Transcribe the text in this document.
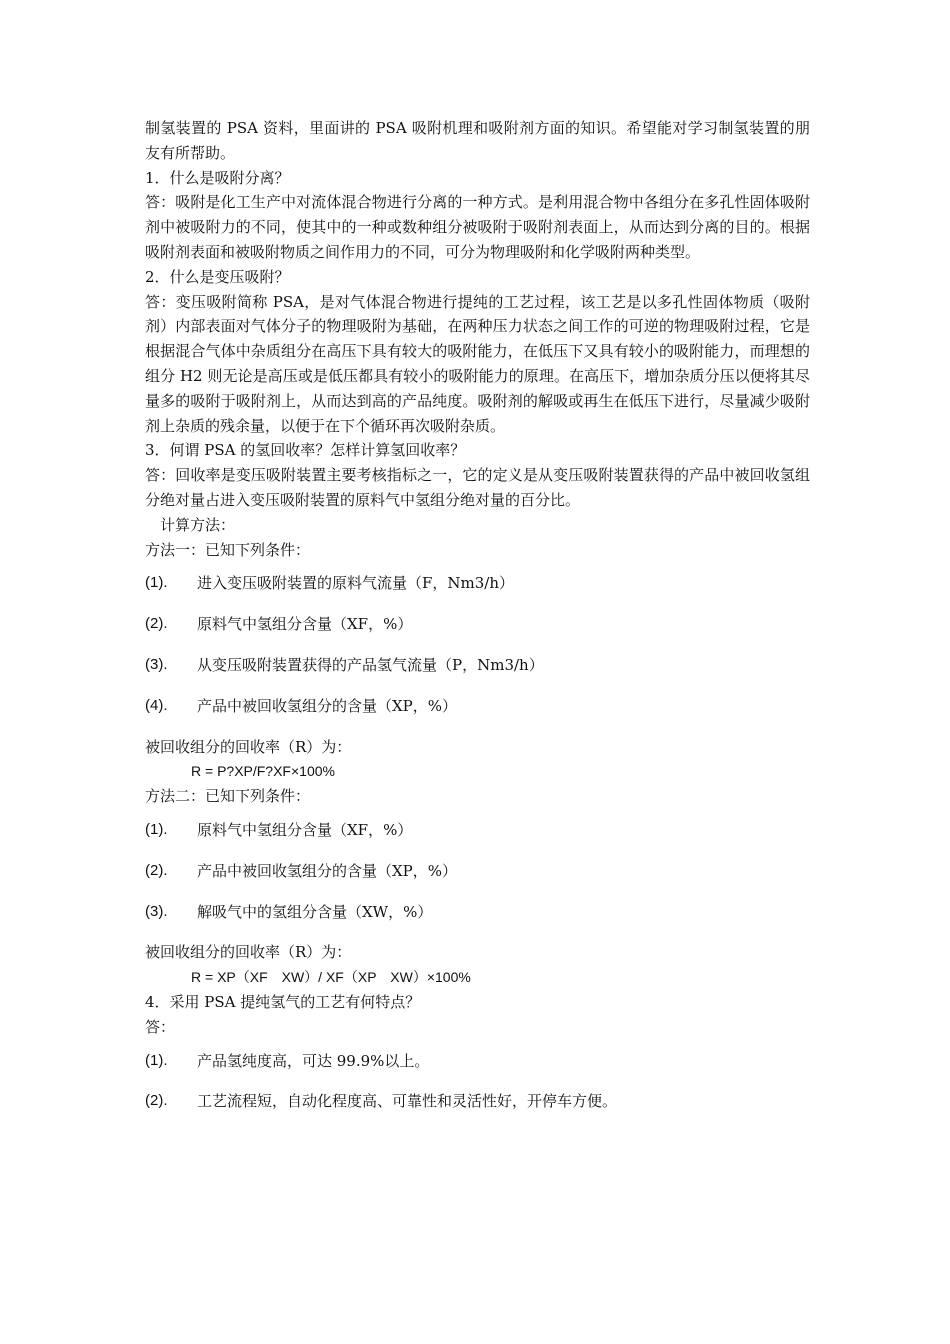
制氢装置的 PSA 资料，里面讲的 PSA 吸附机理和吸附剂方面的知识。希望能对学习制氢装置的朋友有所帮助。

1．什么是吸附分离？

答：吸附是化工生产中对流体混合物进行分离的一种方式。是利用混合物中各组分在多孔性固体吸附剂中被吸附力的不同，使其中的一种或数种组分被吸附于吸附剂表面上，从而达到分离的目的。根据吸附剂表面和被吸附物质之间作用力的不同，可分为物理吸附和化学吸附两种类型。

2．什么是变压吸附？

答：变压吸附简称 PSA，是对气体混合物进行提纯的工艺过程，该工艺是以多孔性固体物质（吸附剂）内部表面对气体分子的物理吸附为基础，在两种压力状态之间工作的可逆的物理吸附过程，它是根据混合气体中杂质组分在高压下具有较大的吸附能力，在低压下又具有较小的吸附能力，而理想的组分 H2 则无论是高压或是低压都具有较小的吸附能力的原理。在高压下，增加杂质分压以便将其尽量多的吸附于吸附剂上，从而达到高的产品纯度。吸附剂的解吸或再生在低压下进行，尽量减少吸附剂上杂质的残余量，以便于在下个循环再次吸附杂质。

3．何谓 PSA 的氢回收率？怎样计算氢回收率？

答：回收率是变压吸附装置主要考核指标之一，它的定义是从变压吸附装置获得的产品中被回收氢组分绝对量占进入变压吸附装置的原料气中氢组分绝对量的百分比。

计算方法：

方法一：已知下列条件：

(1).	进入变压吸附装置的原料气流量（F，Nm3/h）
(2).	原料气中氢组分含量（XF，%）
(3).	从变压吸附装置获得的产品氢气流量（P，Nm3/h）
(4).	产品中被回收氢组分的含量（XP，%）

被回收组分的回收率（R）为：

R = P?XP/F?XF×100%

方法二：已知下列条件：

(1).	原料气中氢组分含量（XF，%）
(2).	产品中被回收氢组分的含量（XP，%）
(3).	解吸气中的氢组分含量（XW，%）

被回收组分的回收率（R）为：

R = XP（XF　XW）/ XF（XP　XW）×100%

4．采用 PSA 提纯氢气的工艺有何特点？

答：

(1).	产品氢纯度高，可达 99.9%以上。
(2).	工艺流程短，自动化程度高、可靠性和灵活性好，开停车方便。
